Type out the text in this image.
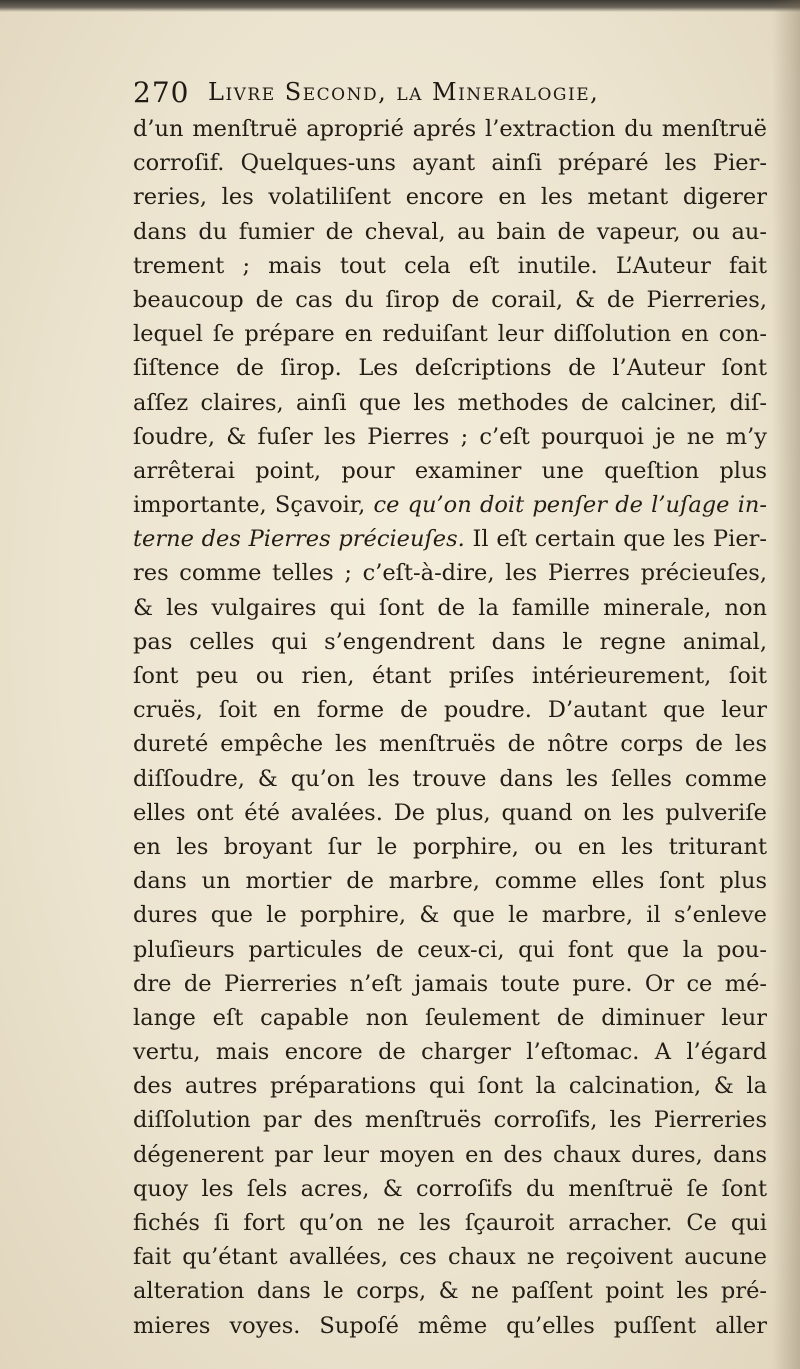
270 Livre Second, la Mineralogie,
d’un menſtruë aproprié aprés l’extraction du menſtruë
corroſif. Quelques-uns ayant ainſi préparé les Pier-
reries, les volatiliſent encore en les metant digerer
dans du fumier de cheval, au bain de vapeur, ou au-
trement ; mais tout cela eſt inutile. L’Auteur fait
beaucoup de cas du ſirop de corail, & de Pierreries,
lequel ſe prépare en reduiſant leur diſſolution en con-
ſiſtence de ſirop. Les deſcriptions de l’Auteur ſont
aſſez claires, ainſi que les methodes de calciner, diſ-
ſoudre, & fuſer les Pierres ; c’eſt pourquoi je ne m’y
arrêterai point, pour examiner une queſtion plus
importante, Sçavoir, ce qu’on doit penſer de l’uſage in-
terne des Pierres précieuſes. Il eſt certain que les Pier-
res comme telles ; c’eſt-à-dire, les Pierres précieuſes,
& les vulgaires qui ſont de la famille minerale, non
pas celles qui s’engendrent dans le regne animal,
ſont peu ou rien, étant priſes intérieurement, ſoit
cruës, ſoit en forme de poudre. D’autant que leur
dureté empêche les menſtruës de nôtre corps de les
diſſoudre, & qu’on les trouve dans les ſelles comme
elles ont été avalées. De plus, quand on les pulveriſe
en les broyant ſur le porphire, ou en les triturant
dans un mortier de marbre, comme elles ſont plus
dures que le porphire, & que le marbre, il s’enleve
pluſieurs particules de ceux-ci, qui font que la pou-
dre de Pierreries n’eſt jamais toute pure. Or ce mé-
lange eſt capable non ſeulement de diminuer leur
vertu, mais encore de charger l’eſtomac. A l’égard
des autres préparations qui ſont la calcination, & la
diſſolution par des menſtruës corroſifs, les Pierreries
dégenerent par leur moyen en des chaux dures, dans
quoy les ſels acres, & corroſifs du menſtruë ſe ſont
fichés ſi fort qu’on ne les ſçauroit arracher. Ce qui
fait qu’étant avallées, ces chaux ne reçoivent aucune
alteration dans le corps, & ne paſſent point les pré-
mieres voyes. Supoſé même qu’elles puſſent aller
